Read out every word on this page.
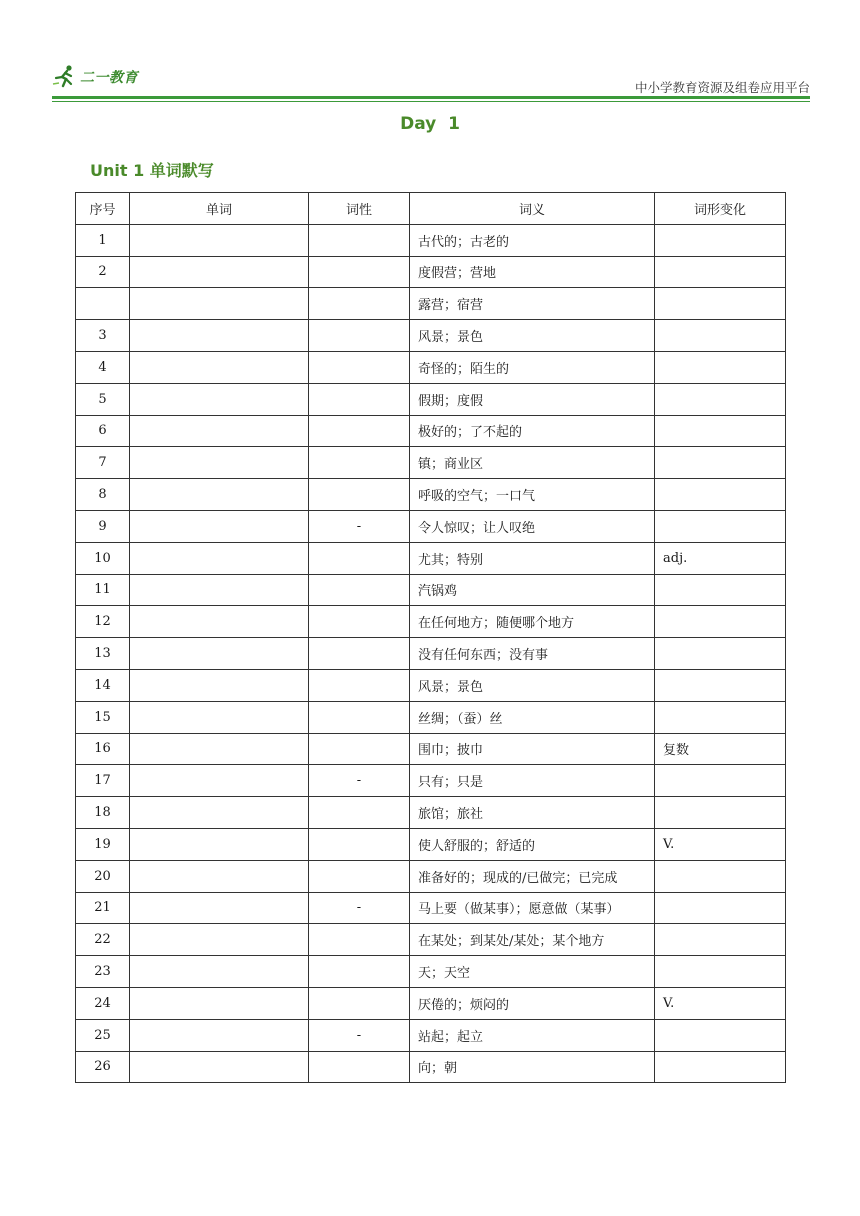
二一教育
中小学教育资源及组卷应用平台
Day  1
Unit 1 单词默写
序号	单词	词性	词义	词形变化
1			古代的；古老的	
2			度假营；营地	
			露营；宿营	
3			风景；景色	
4			奇怪的；陌生的	
5			假期；度假	
6			极好的；了不起的	
7			镇；商业区	
8			呼吸的空气；一口气	
9		-	令人惊叹；让人叹绝	
10			尤其；特别	adj.
11			汽锅鸡	
12			在任何地方；随便哪个地方	
13			没有任何东西；没有事	
14			风景；景色	
15			丝绸；（蚕）丝	
16			围巾；披巾	复数
17		-	只有；只是	
18			旅馆；旅社	
19			使人舒服的；舒适的	V.
20			准备好的；现成的/已做完；已完成	
21		-	马上要（做某事）；愿意做（某事）	
22			在某处；到某处/某处；某个地方	
23			天；天空	
24			厌倦的；烦闷的	V.
25		-	站起；起立	
26			向；朝	
